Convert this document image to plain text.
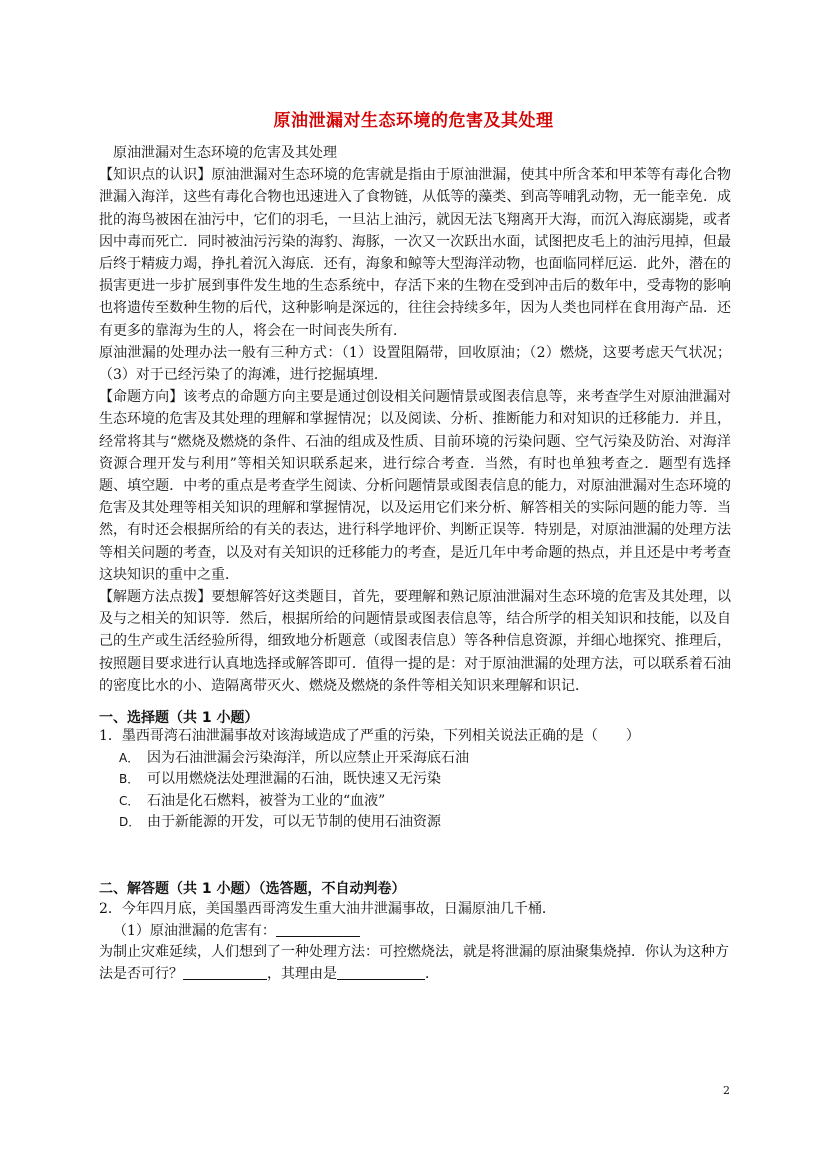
原油泄漏对生态环境的危害及其处理

原油泄漏对生态环境的危害及其处理

【知识点的认识】原油泄漏对生态环境的危害就是指由于原油泄漏，使其中所含苯和甲苯等有毒化合物泄漏入海洋，这些有毒化合物也迅速进入了食物链，从低等的藻类、到高等哺乳动物，无一能幸免．成批的海鸟被困在油污中，它们的羽毛，一旦沾上油污，就因无法飞翔离开大海，而沉入海底溺毙，或者因中毒而死亡．同时被油污污染的海豹、海豚，一次又一次跃出水面，试图把皮毛上的油污甩掉，但最后终于精疲力竭，挣扎着沉入海底．还有，海象和鲸等大型海洋动物，也面临同样厄运．此外，潜在的损害更进一步扩展到事件发生地的生态系统中，存活下来的生物在受到冲击后的数年中，受毒物的影响也将遗传至数种生物的后代，这种影响是深远的，往往会持续多年，因为人类也同样在食用海产品．还有更多的靠海为生的人，将会在一时间丧失所有．

原油泄漏的处理办法一般有三种方式：（1）设置阻隔带，回收原油；（2）燃烧，这要考虑天气状况；（3）对于已经污染了的海滩，进行挖掘填埋．

【命题方向】该考点的命题方向主要是通过创设相关问题情景或图表信息等，来考查学生对原油泄漏对生态环境的危害及其处理的理解和掌握情况；以及阅读、分析、推断能力和对知识的迁移能力．并且，经常将其与“燃烧及燃烧的条件、石油的组成及性质、目前环境的污染问题、空气污染及防治、对海洋资源合理开发与利用”等相关知识联系起来，进行综合考查．当然，有时也单独考查之．题型有选择题、填空题．中考的重点是考查学生阅读、分析问题情景或图表信息的能力，对原油泄漏对生态环境的危害及其处理等相关知识的理解和掌握情况，以及运用它们来分析、解答相关的实际问题的能力等．当然，有时还会根据所给的有关的表达，进行科学地评价、判断正误等．特别是，对原油泄漏的处理方法等相关问题的考查，以及对有关知识的迁移能力的考查，是近几年中考命题的热点，并且还是中考考查这块知识的重中之重．

【解题方法点拨】要想解答好这类题目，首先，要理解和熟记原油泄漏对生态环境的危害及其处理，以及与之相关的知识等．然后，根据所给的问题情景或图表信息等，结合所学的相关知识和技能，以及自己的生产或生活经验所得，细致地分析题意（或图表信息）等各种信息资源，并细心地探究、推理后，按照题目要求进行认真地选择或解答即可．值得一提的是：对于原油泄漏的处理方法，可以联系着石油的密度比水的小、造隔离带灭火、燃烧及燃烧的条件等相关知识来理解和识记．

一、选择题（共 1 小题）

1．墨西哥湾石油泄漏事故对该海域造成了严重的污染，下列相关说法正确的是（　　）

A． 因为石油泄漏会污染海洋，所以应禁止开采海底石油

B． 可以用燃烧法处理泄漏的石油，既快速又无污染

C． 石油是化石燃料，被誉为工业的“血液”

D． 由于新能源的开发，可以无节制的使用石油资源

二、解答题（共 1 小题）（选答题，不自动判卷）

2．今年四月底，美国墨西哥湾发生重大油井泄漏事故，日漏原油几千桶．

（1）原油泄漏的危害有：

为制止灾难延续，人们想到了一种处理方法：可控燃烧法，就是将泄漏的原油聚集烧掉．你认为这种方法是否可行？	，其理由是	．

2
